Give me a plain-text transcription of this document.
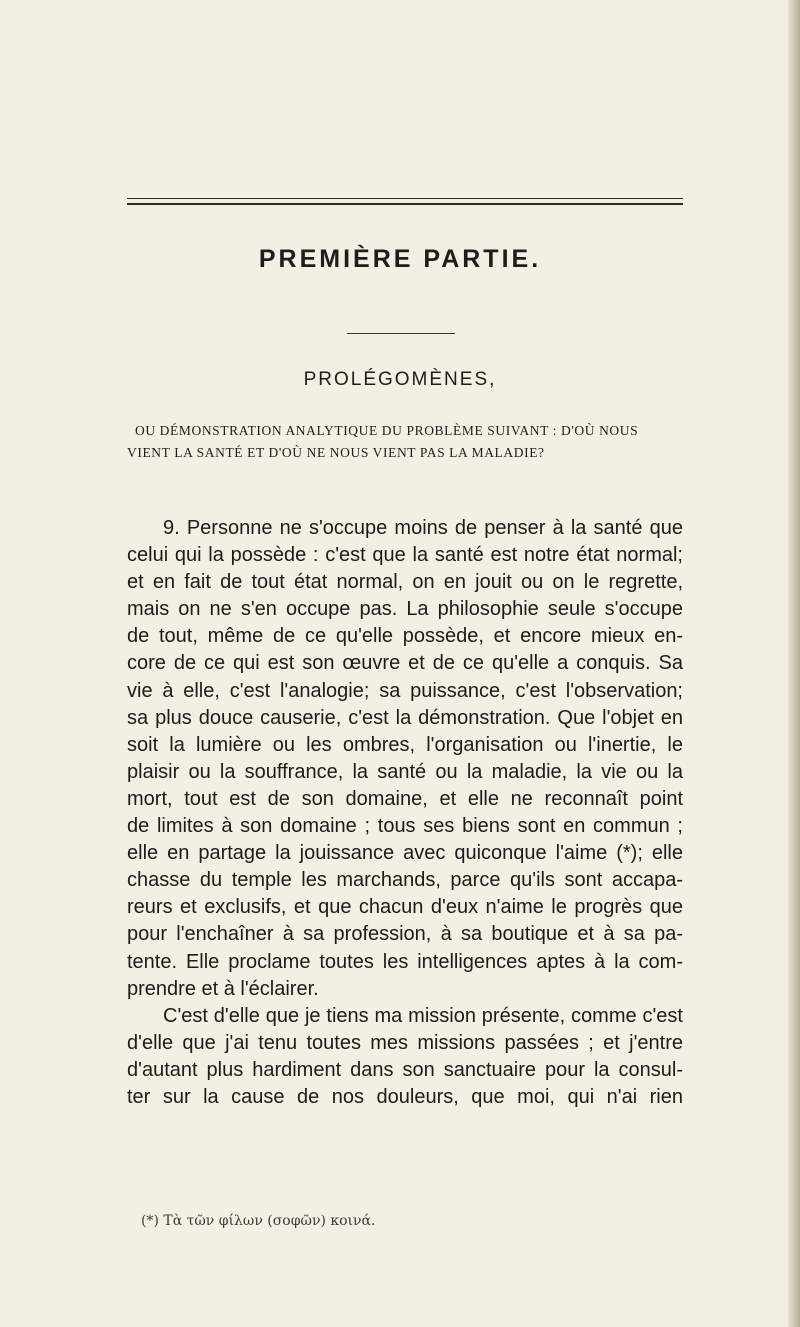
PREMIÈRE PARTIE.
PROLÉGOMÈNES,
OU DÉMONSTRATION ANALYTIQUE DU PROBLÈME SUIVANT : D'OÙ NOUS
VIENT LA SANTÉ ET D'OÙ NE NOUS VIENT PAS LA MALADIE?
9. Personne ne s'occupe moins de penser à la santé que
celui qui la possède : c'est que la santé est notre état normal;
et en fait de tout état normal, on en jouit ou on le regrette,
mais on ne s'en occupe pas. La philosophie seule s'occupe
de tout, même de ce qu'elle possède, et encore mieux en-
core de ce qui est son œuvre et de ce qu'elle a conquis. Sa
vie à elle, c'est l'analogie; sa puissance, c'est l'observation;
sa plus douce causerie, c'est la démonstration. Que l'objet en
soit la lumière ou les ombres, l'organisation ou l'inertie, le
plaisir ou la souffrance, la santé ou la maladie, la vie ou la
mort, tout est de son domaine, et elle ne reconnaît point
de limites à son domaine ; tous ses biens sont en commun ;
elle en partage la jouissance avec quiconque l'aime (*); elle
chasse du temple les marchands, parce qu'ils sont accapa-
reurs et exclusifs, et que chacun d'eux n'aime le progrès que
pour l'enchaîner à sa profession, à sa boutique et à sa pa-
tente. Elle proclame toutes les intelligences aptes à la com-
prendre et à l'éclairer.
C'est d'elle que je tiens ma mission présente, comme c'est
d'elle que j'ai tenu toutes mes missions passées ; et j'entre
d'autant plus hardiment dans son sanctuaire pour la consul-
ter sur la cause de nos douleurs, que moi, qui n'ai rien
(*) Τὰ τῶν φίλων (σοφῶν) κοινά.
